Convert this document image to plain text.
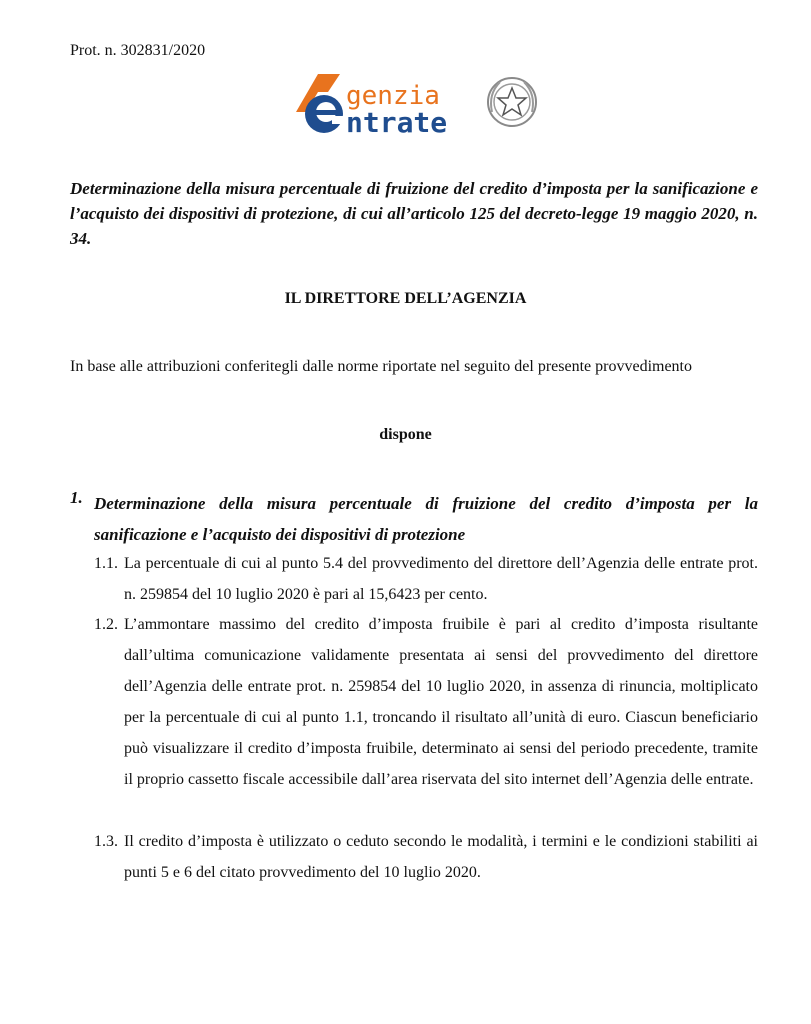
Prot. n. 302831/2020
genzia
ntrate
Determinazione della misura percentuale di fruizione del credito d’imposta per la sanificazione e l’acquisto dei dispositivi di protezione, di cui all’articolo 125 del decreto-legge 19 maggio 2020, n. 34.
IL DIRETTORE DELL’AGENZIA
In base alle attribuzioni conferitegli dalle norme riportate nel seguito del presente provvedimento
dispone
1. Determinazione della misura percentuale di fruizione del credito d’imposta per la sanificazione e l’acquisto dei dispositivi di protezione
1.1. La percentuale di cui al punto 5.4 del provvedimento del direttore dell’Agenzia delle entrate prot. n. 259854 del 10 luglio 2020 è pari al 15,6423 per cento.
1.2. L’ammontare massimo del credito d’imposta fruibile è pari al credito d’imposta risultante dall’ultima comunicazione validamente presentata ai sensi del provvedimento del direttore dell’Agenzia delle entrate prot. n. 259854 del 10 luglio 2020, in assenza di rinuncia, moltiplicato per la percentuale di cui al punto 1.1, troncando il risultato all’unità di euro. Ciascun beneficiario può visualizzare il credito d’imposta fruibile, determinato ai sensi del periodo precedente, tramite il proprio cassetto fiscale accessibile dall’area riservata del sito internet dell’Agenzia delle entrate.
1.3. Il credito d’imposta è utilizzato o ceduto secondo le modalità, i termini e le condizioni stabiliti ai punti 5 e 6 del citato provvedimento del 10 luglio 2020.
